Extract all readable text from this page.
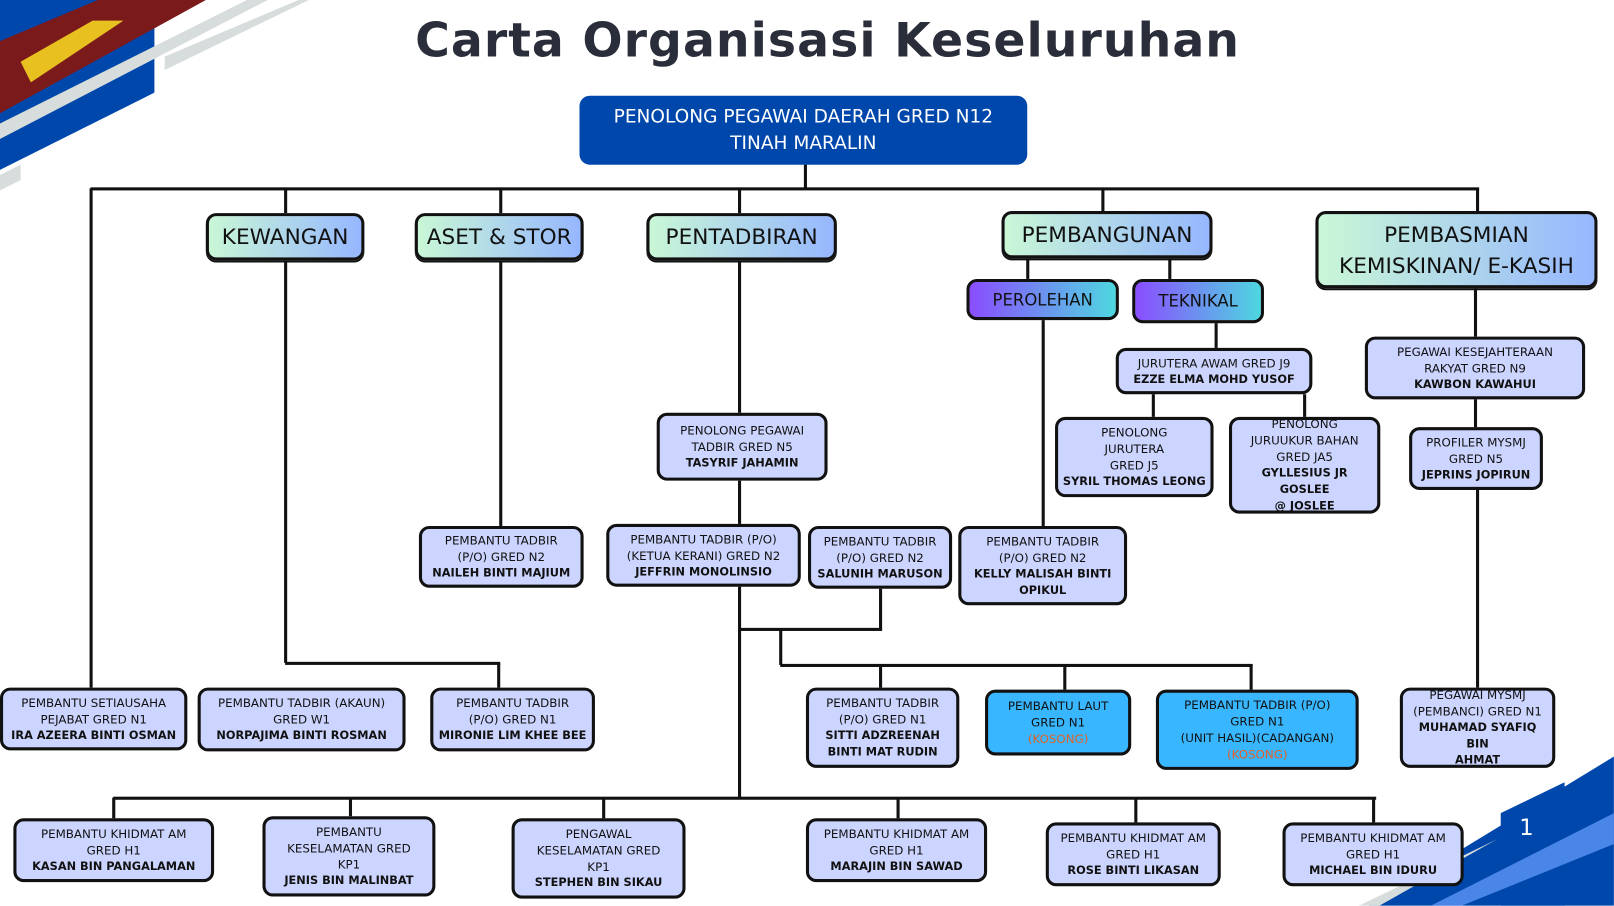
Carta Organisasi Keseluruhan
PENOLONG PEGAWAI DAERAH GRED N12
TINAH MARALIN
KEWANGAN	ASET & STOR	PENTADBIRAN	PEMBANGUNAN	PEMBASMIAN
KEMISKINAN/ E-KASIH
PEROLEHAN	TEKNIKAL
PENOLONG PEGAWAI
TADBIR GRED N5
TASYRIF JAHAMIN
PEMBANTU TADBIR
(P/O) GRED N2
NAILEH BINTI MAJIUM
PEMBANTU TADBIR (P/O)
(KETUA KERANI) GRED N2
JEFFRIN MONOLINSIO
PEMBANTU TADBIR
(P/O) GRED N2
SALUNIH MARUSON
PEMBANTU TADBIR
(P/O) GRED N2
KELLY MALISAH BINTI
OPIKUL
JURUTERA AWAM GRED J9
EZZE ELMA MOHD YUSOF
PENOLONG
JURUTERA
GRED J5
SYRIL THOMAS LEONG
PENOLONG
JURUUKUR BAHAN
GRED JA5
GYLLESIUS JR GOSLEE
@ JOSLEE
PEGAWAI KESEJAHTERAAN
RAKYAT GRED N9
KAWBON KAWAHUI
PROFILER MYSMJ
GRED N5
JEPRINS JOPIRUN
PEMBANTU SETIAUSAHA
PEJABAT GRED N1
IRA AZEERA BINTI OSMAN
PEMBANTU TADBIR (AKAUN)
GRED W1
NORPAJIMA BINTI ROSMAN
PEMBANTU TADBIR
(P/O) GRED N1
MIRONIE LIM KHEE BEE
PEMBANTU TADBIR
(P/O) GRED N1
SITTI ADZREENAH
BINTI MAT RUDIN
PEMBANTU LAUT
GRED N1
(KOSONG)
PEMBANTU TADBIR (P/O)
GRED N1
(UNIT HASIL)(CADANGAN)
(KOSONG)
PEGAWAI MYSMJ
(PEMBANCI) GRED N1
MUHAMAD SYAFIQ BIN
AHMAT
PEMBANTU KHIDMAT AM
GRED H1
KASAN BIN PANGALAMAN
PEMBANTU
KESELAMATAN GRED
KP1
JENIS BIN MALINBAT
PENGAWAL
KESELAMATAN GRED
KP1
STEPHEN BIN SIKAU
PEMBANTU KHIDMAT AM
GRED H1
MARAJIN BIN SAWAD
PEMBANTU KHIDMAT AM
GRED H1
ROSE BINTI LIKASAN
PEMBANTU KHIDMAT AM
GRED H1
MICHAEL BIN IDURU
1
